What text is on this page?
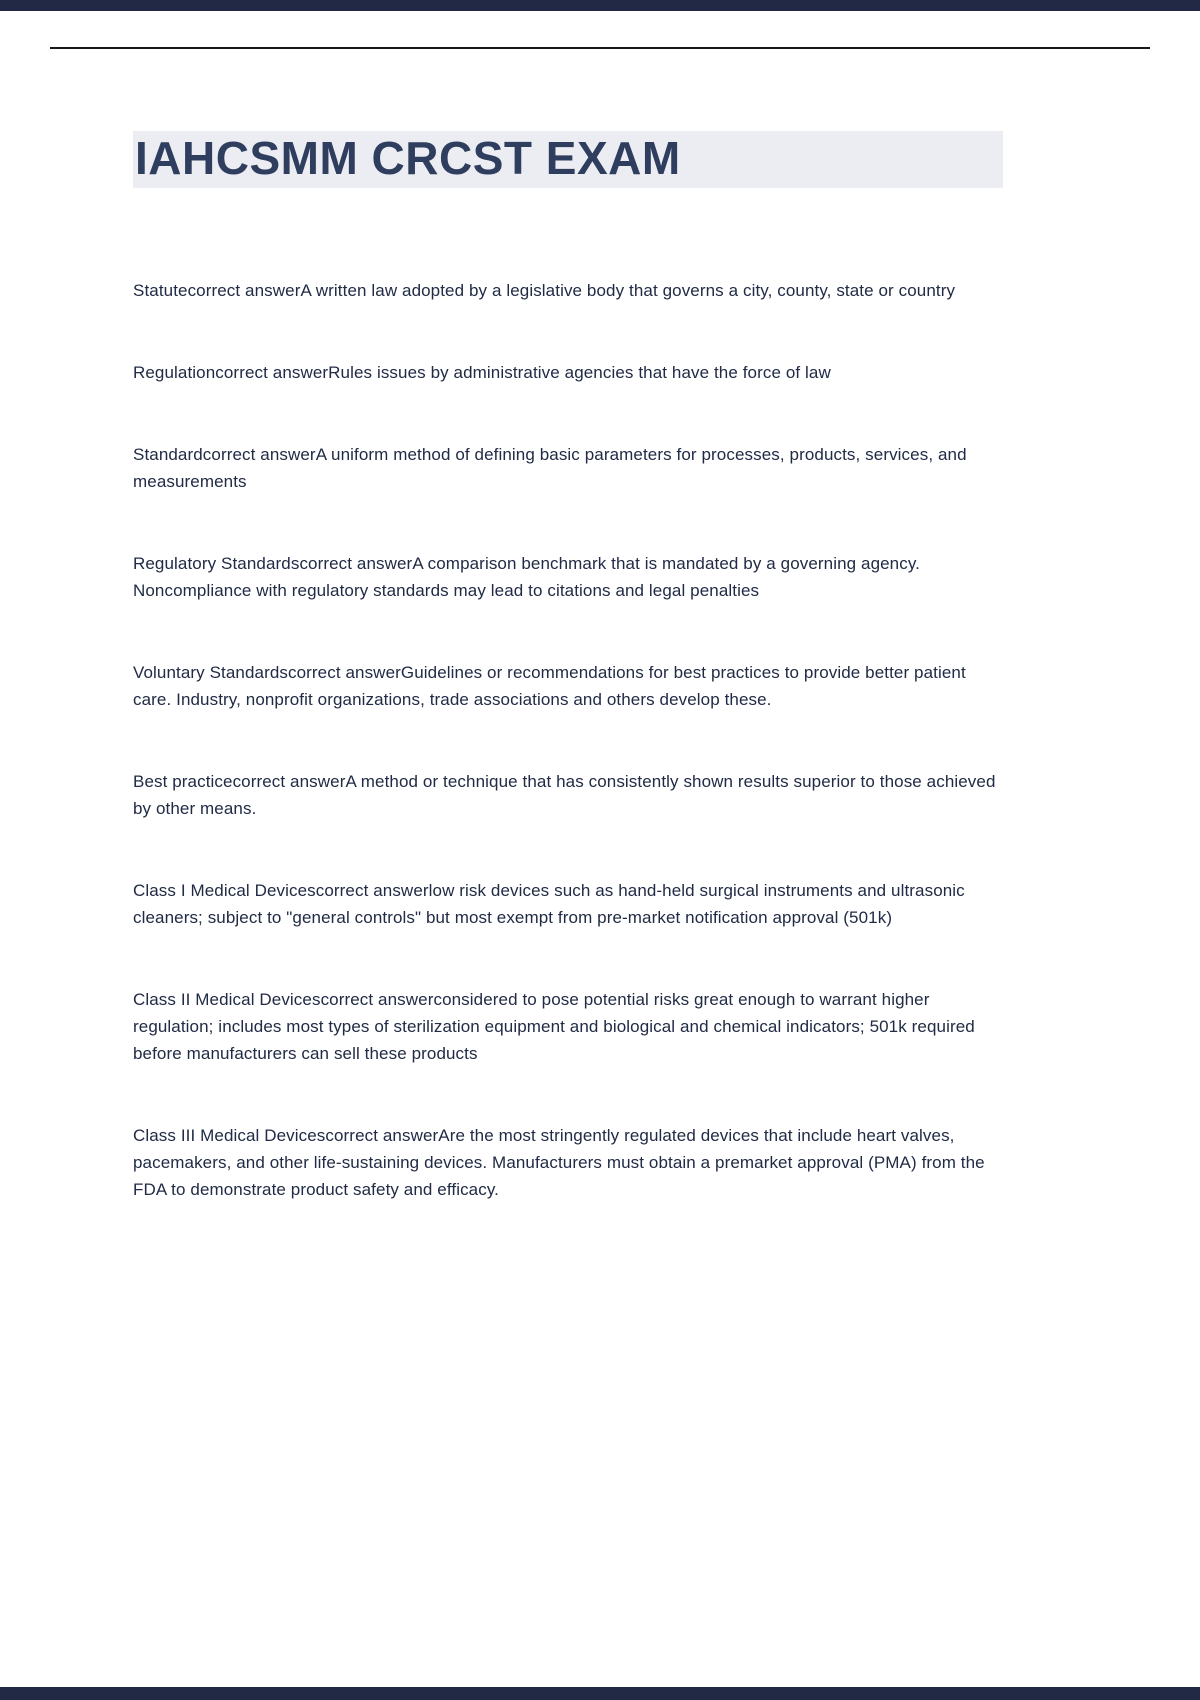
IAHCSMM CRCST EXAM

Statutecorrect answerA written law adopted by a legislative body that governs a city, county, state or country

Regulationcorrect answerRules issues by administrative agencies that have the force of law

Standardcorrect answerA uniform method of defining basic parameters for processes, products, services, and measurements

Regulatory Standardscorrect answerA comparison benchmark that is mandated by a governing agency. Noncompliance with regulatory standards may lead to citations and legal penalties

Voluntary Standardscorrect answerGuidelines or recommendations for best practices to provide better patient care. Industry, nonprofit organizations, trade associations and others develop these.

Best practicecorrect answerA method or technique that has consistently shown results superior to those achieved by other means.

Class I Medical Devicescorrect answerlow risk devices such as hand-held surgical instruments and ultrasonic cleaners; subject to "general controls" but most exempt from pre-market notification approval (501k)

Class II Medical Devicescorrect answerconsidered to pose potential risks great enough to warrant higher regulation; includes most types of sterilization equipment and biological and chemical indicators; 501k required before manufacturers can sell these products

Class III Medical Devicescorrect answerAre the most stringently regulated devices that include heart valves, pacemakers, and other life-sustaining devices. Manufacturers must obtain a premarket approval (PMA) from the FDA to demonstrate product safety and efficacy.
